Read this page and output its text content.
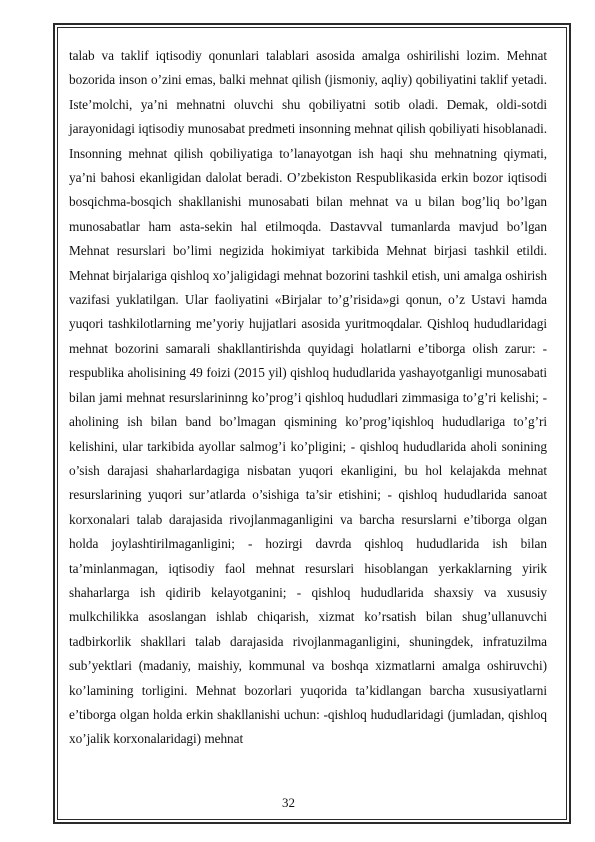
talab va taklif iqtisodiy qonunlari talablari asosida amalga oshirilishi lozim. Mehnat bozorida inson o’zini emas, balki mehnat qilish (jismoniy, aqliy) qobiliyatini taklif yetadi. Iste’molchi, ya’ni mehnatni oluvchi shu qobiliyatni sotib oladi. Demak, oldi-sotdi jarayonidagi iqtisodiy munosabat predmeti insonning mehnat qilish qobiliyati hisoblanadi. Insonning mehnat qilish qobiliyatiga to’lanayotgan ish haqi shu mehnatning qiymati, ya’ni bahosi ekanligidan dalolat beradi. O’zbekiston Respublikasida erkin bozor iqtisodi bosqichma-bosqich shakllanishi munosabati bilan mehnat va u bilan bog’liq bo’lgan munosabatlar ham asta-sekin hal etilmoqda. Dastavval tumanlarda mavjud bo’lgan Mehnat resurslari bo’limi negizida hokimiyat tarkibida Mehnat birjasi tashkil etildi. Mehnat birjalariga qishloq xo’jaligidagi mehnat bozorini tashkil etish, uni amalga oshirish vazifasi yuklatilgan. Ular faoliyatini «Birjalar to’g’risida»gi qonun, o’z Ustavi hamda yuqori tashkilotlarning me’yoriy hujjatlari asosida yuritmoqdalar. Qishloq hududlaridagi mehnat bozorini samarali shakllantirishda quyidagi holatlarni e’tiborga olish zarur: - respublika aholisining 49 foizi (2015 yil) qishloq hududlarida yashayotganligi munosabati bilan jami mehnat resurslarininng ko’prog’i qishloq hududlari zimmasiga to’g’ri kelishi; -aholining ish bilan band bo’lmagan qismining ko’prog’iqishloq hududlariga to’g’ri kelishini, ular tarkibida ayollar salmog’i ko’pligini; - qishloq hududlarida aholi sonining o’sish darajasi shaharlardagiga nisbatan yuqori ekanligini, bu hol kelajakda mehnat resurslarining yuqori sur’atlarda o’sishiga ta’sir etishini; - qishloq hududlarida sanoat korxonalari talab darajasida rivojlanmaganligini va barcha resurslarni e’tiborga olgan holda joylashtirilmaganligini; - hozirgi davrda qishloq hududlarida ish bilan ta’minlanmagan, iqtisodiy faol mehnat resurslari hisoblangan yerkaklarning yirik shaharlarga ish qidirib kelayotganini; - qishloq hududlarida shaxsiy va xususiy mulkchilikka asoslangan ishlab chiqarish, xizmat ko’rsatish bilan shug’ullanuvchi tadbirkorlik shakllari talab darajasida rivojlanmaganligini, shuningdek, infratuzilma sub’yektlari (madaniy, maishiy, kommunal va boshqa xizmatlarni amalga oshiruvchi) ko’lamining torligini. Mehnat bozorlari yuqorida ta’kidlangan barcha xususiyatlarni e’tiborga olgan holda erkin shakllanishi uchun: -qishloq hududlaridagi (jumladan, qishloq xo’jalik korxonalaridagi) mehnat

32
